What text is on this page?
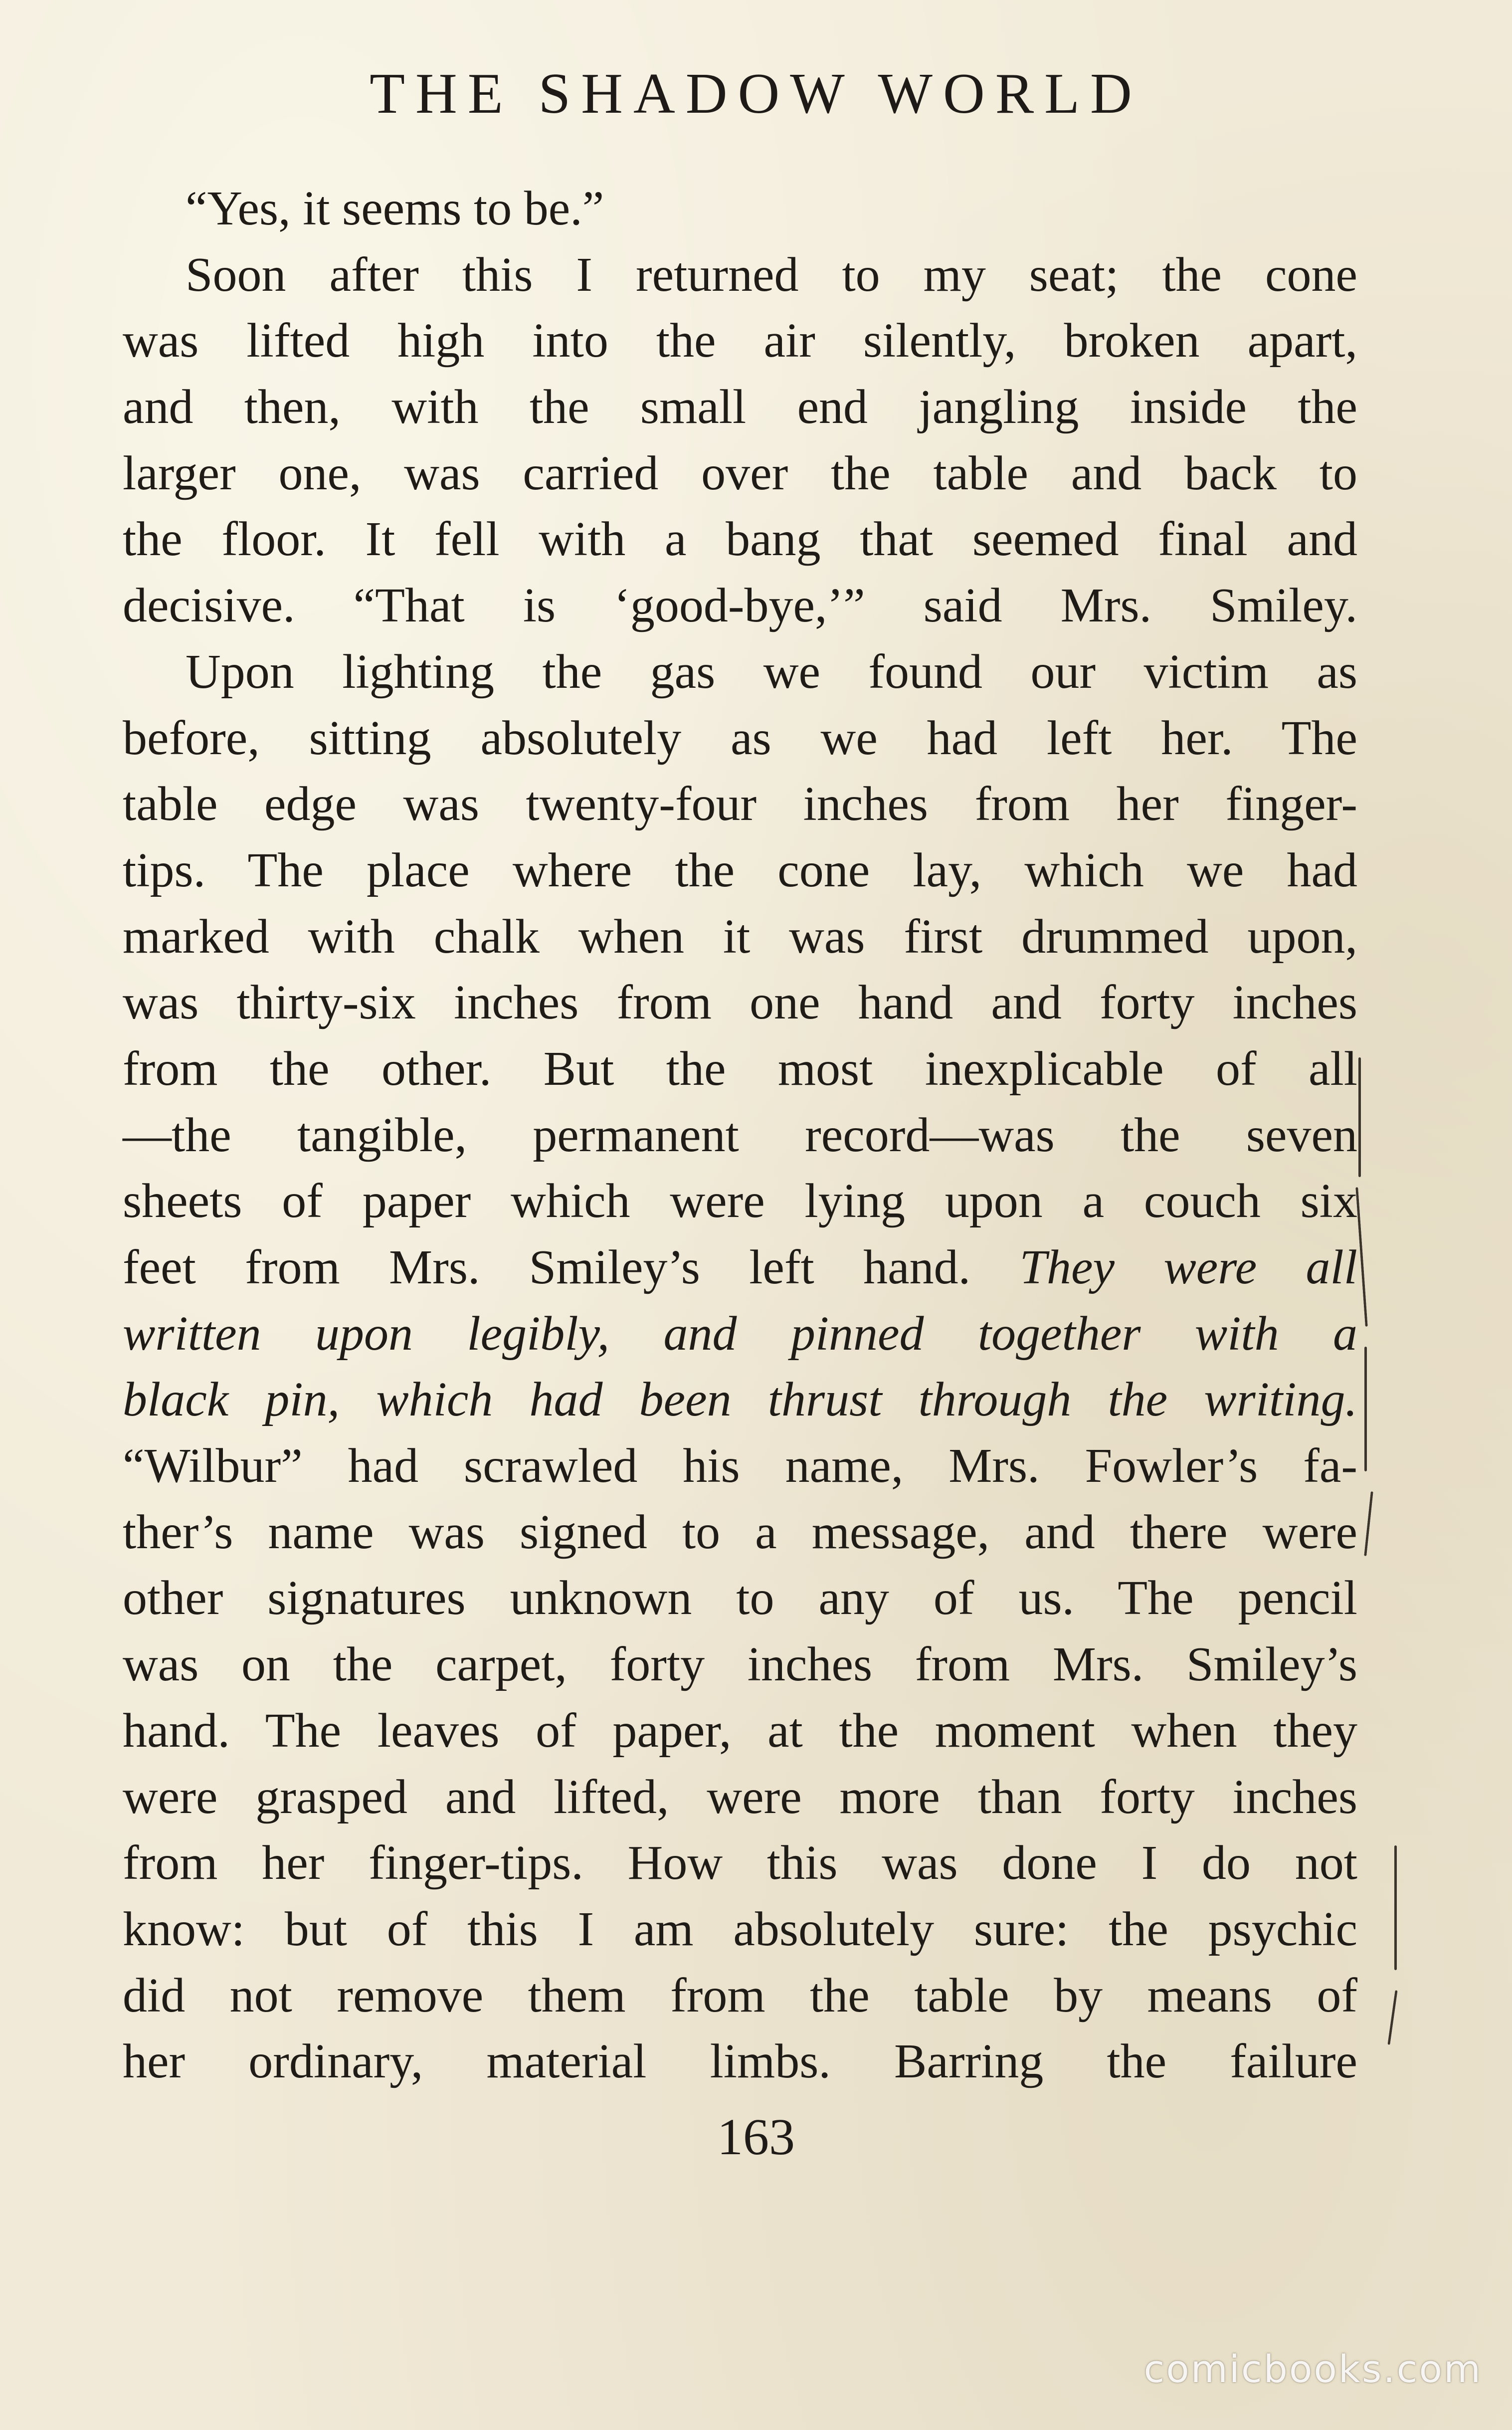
THE SHADOW WORLD
“Yes, it seems to be.”
Soon after this I returned to my seat; the cone
was lifted high into the air silently, broken apart,
and then, with the small end jangling inside the
larger one, was carried over the table and back to
the floor. It fell with a bang that seemed final and
decisive. “That is ‘good-bye,’” said Mrs. Smiley.
Upon lighting the gas we found our victim as
before, sitting absolutely as we had left her. The
table edge was twenty-four inches from her finger-
tips. The place where the cone lay, which we had
marked with chalk when it was first drummed upon,
was thirty-six inches from one hand and forty inches
from the other. But the most inexplicable of all
—the tangible, permanent record—was the seven
sheets of paper which were lying upon a couch six
feet from Mrs. Smiley’s left hand. They were all
written upon legibly, and pinned together with a
black pin, which had been thrust through the writing.
“Wilbur” had scrawled his name, Mrs. Fowler’s fa-
ther’s name was signed to a message, and there were
other signatures unknown to any of us. The pencil
was on the carpet, forty inches from Mrs. Smiley’s
hand. The leaves of paper, at the moment when they
were grasped and lifted, were more than forty inches
from her finger-tips. How this was done I do not
know: but of this I am absolutely sure: the psychic
did not remove them from the table by means of
her ordinary, material limbs. Barring the failure
163
comicbooks.com
